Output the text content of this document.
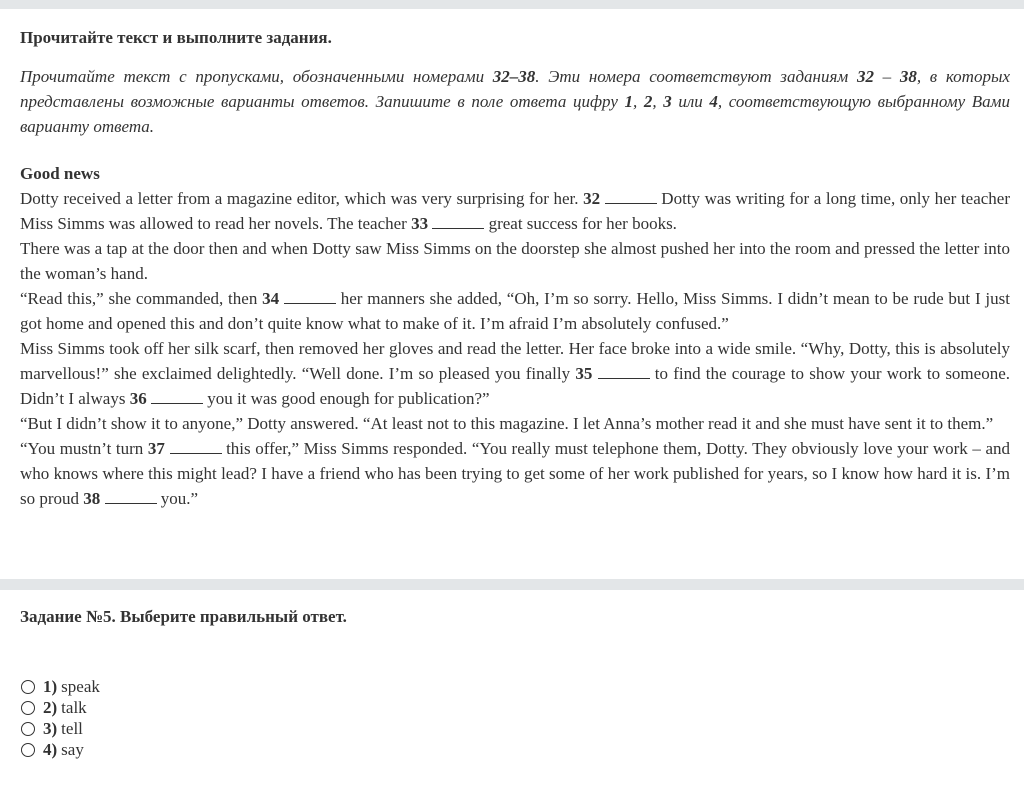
Прочитайте текст и выполните задания.

Прочитайте текст с пропусками, обозначенными номерами 32–38. Эти номера соответствуют заданиям 32 – 38, в которых представлены возможные варианты ответов. Запишите в поле ответа цифру 1, 2, 3 или 4, соответствующую выбранному Вами варианту ответа.

Good news

Dotty received a letter from a magazine editor, which was very surprising for her. 32	Dotty was writing for a long time, only her teacher Miss Simms was allowed to read her novels. The teacher 33	great success for her books.

There was a tap at the door then and when Dotty saw Miss Simms on the doorstep she almost pushed her into the room and pressed the letter into the woman’s hand.

“Read this,” she commanded, then 34	her manners she added, “Oh, I’m so sorry. Hello, Miss Simms. I didn’t mean to be rude but I just got home and opened this and don’t quite know what to make of it. I’m afraid I’m absolutely confused.”

Miss Simms took off her silk scarf, then removed her gloves and read the letter. Her face broke into a wide smile. “Why, Dotty, this is absolutely marvellous!” she exclaimed delightedly. “Well done. I’m so pleased you finally 35	to find the courage to show your work to someone. Didn’t I always 36	you it was good enough for publication?”

“But I didn’t show it to anyone,” Dotty answered. “At least not to this magazine. I let Anna’s mother read it and she must have sent it to them.”

“You mustn’t turn 37	this offer,” Miss Simms responded. “You really must telephone them, Dotty. They obviously love your work – and who knows where this might lead? I have a friend who has been trying to get some of her work published for years, so I know how hard it is. I’m so proud 38	you.”

Задание №5. Выберите правильный ответ.

1) speak
2) talk
3) tell
4) say
